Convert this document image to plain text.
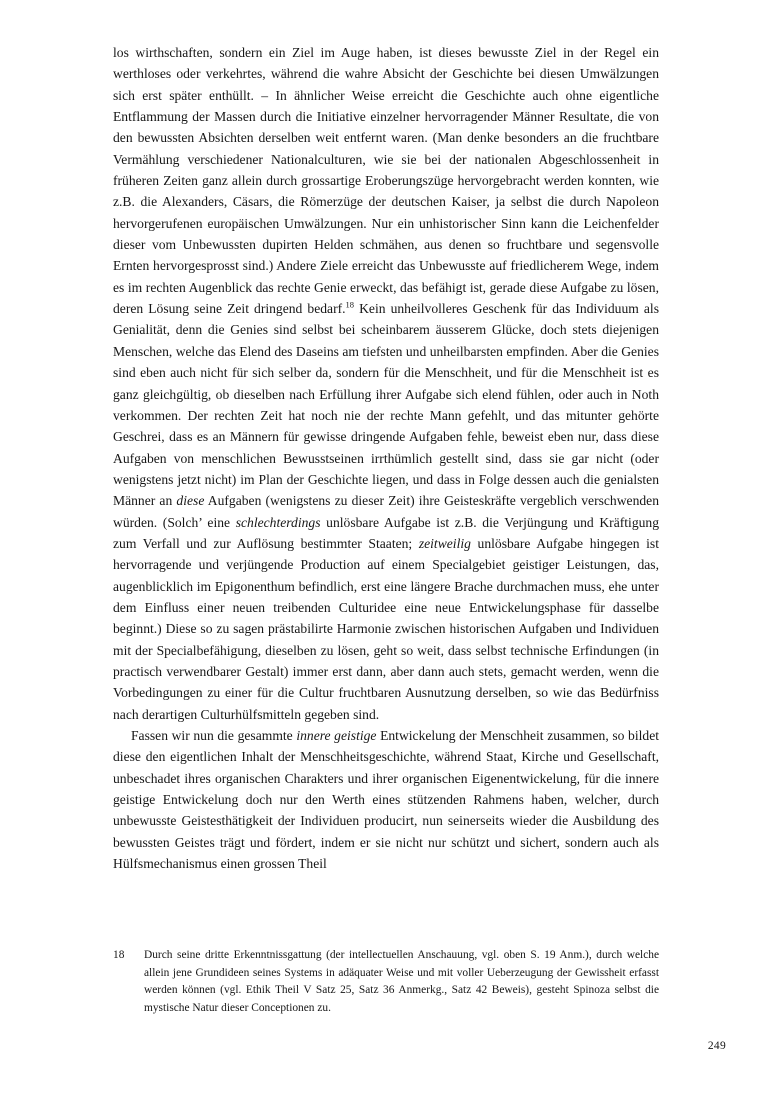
los wirthschaften, sondern ein Ziel im Auge haben, ist dieses bewusste Ziel in der Regel ein werthloses oder verkehrtes, während die wahre Absicht der Geschichte bei diesen Umwälzungen sich erst später enthüllt. – In ähnlicher Weise erreicht die Geschichte auch ohne eigentliche Entflammung der Massen durch die Initiative einzelner hervorragender Männer Resultate, die von den bewussten Absichten derselben weit entfernt waren. (Man denke besonders an die fruchtbare Vermählung verschiedener Nationalculturen, wie sie bei der nationalen Abgeschlossenheit in früheren Zeiten ganz allein durch grossartige Eroberungszüge hervorgebracht werden konnten, wie z.B. die Alexanders, Cäsars, die Römerzüge der deutschen Kaiser, ja selbst die durch Napoleon hervorgerufenen europäischen Umwälzungen. Nur ein unhistorischer Sinn kann die Leichenfelder dieser vom Unbewussten dupirten Helden schmähen, aus denen so fruchtbare und segensvolle Ernten hervorgesprosst sind.) Andere Ziele erreicht das Unbewusste auf friedlicherem Wege, indem es im rechten Augenblick das rechte Genie erweckt, das befähigt ist, gerade diese Aufgabe zu lösen, deren Lösung seine Zeit dringend bedarf.$^{18}$ Kein unheilvolleres Geschenk für das Individuum als Genialität, denn die Genies sind selbst bei scheinbarem äusserem Glücke, doch stets diejenigen Menschen, welche das Elend des Daseins am tiefsten und unheilbarsten empfinden. Aber die Genies sind eben auch nicht für sich selber da, sondern für die Menschheit, und für die Menschheit ist es ganz gleichgültig, ob dieselben nach Erfüllung ihrer Aufgabe sich elend fühlen, oder auch in Noth verkommen. Der rechten Zeit hat noch nie der rechte Mann gefehlt, und das mitunter gehörte Geschrei, dass es an Männern für gewisse dringende Aufgaben fehle, beweist eben nur, dass diese Aufgaben von menschlichen Bewusstseinen irrthümlich gestellt sind, dass sie gar nicht (oder wenigstens jetzt nicht) im Plan der Geschichte liegen, und dass in Folge dessen auch die genialsten Männer an diese Aufgaben (wenigstens zu dieser Zeit) ihre Geisteskräfte vergeblich verschwenden würden. (Solch’ eine schlechterdings unlösbare Aufgabe ist z.B. die Verjüngung und Kräftigung zum Verfall und zur Auflösung bestimmter Staaten; zeitweilig unlösbare Aufgabe hingegen ist hervorragende und verjüngende Production auf einem Specialgebiet geistiger Leistungen, das, augenblicklich im Epigonenthum befindlich, erst eine längere Brache durchmachen muss, ehe unter dem Einfluss einer neuen treibenden Culturidee eine neue Entwickelungsphase für dasselbe beginnt.) Diese so zu sagen prästabilirte Harmonie zwischen historischen Aufgaben und Individuen mit der Specialbefähigung, dieselben zu lösen, geht so weit, dass selbst technische Erfindungen (in practisch verwendbarer Gestalt) immer erst dann, aber dann auch stets, gemacht werden, wenn die Vorbedingungen zu einer für die Cultur fruchtbaren Ausnutzung derselben, so wie das Bedürfniss nach derartigen Culturhülfsmitteln gegeben sind.

Fassen wir nun die gesammte innere geistige Entwickelung der Menschheit zusammen, so bildet diese den eigentlichen Inhalt der Menschheitsgeschichte, während Staat, Kirche und Gesellschaft, unbeschadet ihres organischen Charakters und ihrer organischen Eigenentwickelung, für die innere geistige Entwickelung doch nur den Werth eines stützenden Rahmens haben, welcher, durch unbewusste Geistesthätigkeit der Individuen producirt, nun seinerseits wieder die Ausbildung des bewussten Geistes trägt und fördert, indem er sie nicht nur schützt und sichert, sondern auch als Hülfsmechanismus einen grossen Theil

18	Durch seine dritte Erkenntnissgattung (der intellectuellen Anschauung, vgl. oben S. 19 Anm.), durch welche allein jene Grundideen seines Systems in adäquater Weise und mit voller Ueberzeugung der Gewissheit erfasst werden können (vgl. Ethik Theil V Satz 25, Satz 36 Anmerkg., Satz 42 Beweis), gesteht Spinoza selbst die mystische Natur dieser Conceptionen zu.
249
